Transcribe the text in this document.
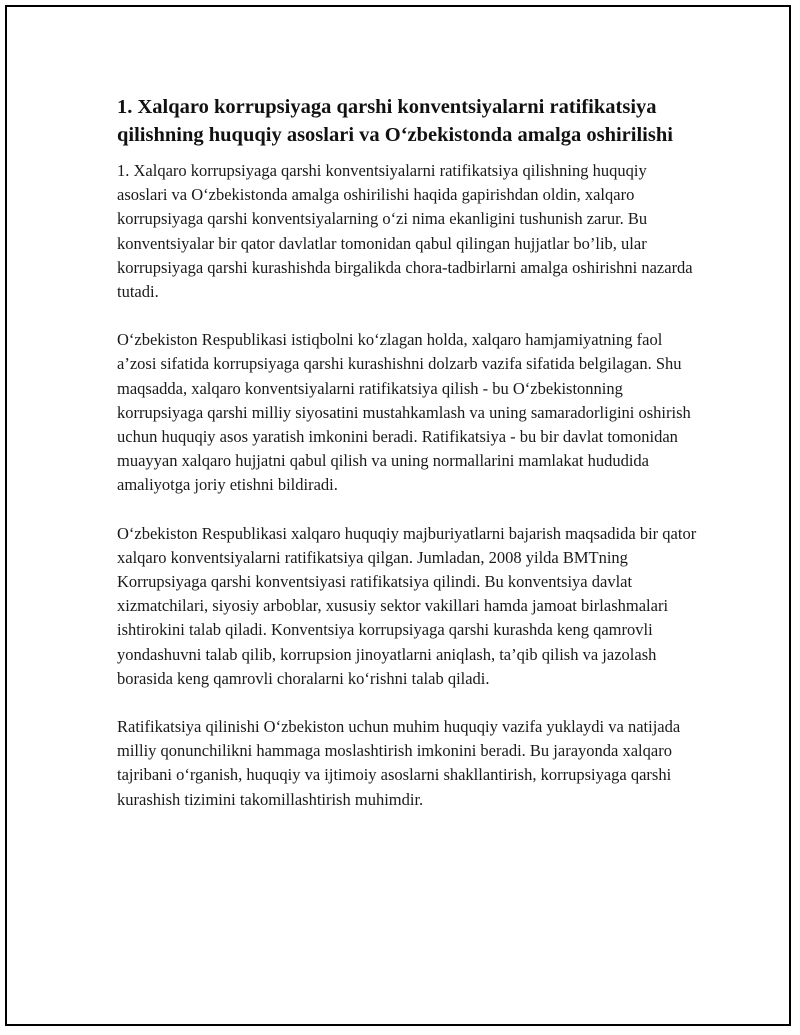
1. Xalqaro korrupsiyaga qarshi konventsiyalarni ratifikatsiya qilishning huquqiy asoslari va O‘zbekistonda amalga oshirilishi

1. Xalqaro korrupsiyaga qarshi konventsiyalarni ratifikatsiya qilishning huquqiy asoslari va O‘zbekistonda amalga oshirilishi haqida gapirishdan oldin, xalqaro korrupsiyaga qarshi konventsiyalarning o‘zi nima ekanligini tushunish zarur. Bu konventsiyalar bir qator davlatlar tomonidan qabul qilingan hujjatlar bo’lib, ular korrupsiyaga qarshi kurashishda birgalikda chora-tadbirlarni amalga oshirishni nazarda tutadi.

O‘zbekiston Respublikasi istiqbolni ko‘zlagan holda, xalqaro hamjamiyatning faol a’zosi sifatida korrupsiyaga qarshi kurashishni dolzarb vazifa sifatida belgilagan. Shu maqsadda, xalqaro konventsiyalarni ratifikatsiya qilish - bu O‘zbekistonning korrupsiyaga qarshi milliy siyosatini mustahkamlash va uning samaradorligini oshirish uchun huquqiy asos yaratish imkonini beradi. Ratifikatsiya - bu bir davlat tomonidan muayyan xalqaro hujjatni qabul qilish va uning normallarini mamlakat hududida amaliyotga joriy etishni bildiradi.

O‘zbekiston Respublikasi xalqaro huquqiy majburiyatlarni bajarish maqsadida bir qator xalqaro konventsiyalarni ratifikatsiya qilgan. Jumladan, 2008 yilda BMTning Korrupsiyaga qarshi konventsiyasi ratifikatsiya qilindi. Bu konventsiya davlat xizmatchilari, siyosiy arboblar, xususiy sektor vakillari hamda jamoat birlashmalari ishtirokini talab qiladi. Konventsiya korrupsiyaga qarshi kurashda keng qamrovli yondashuvni talab qilib, korrupsion jinoyatlarni aniqlash, ta’qib qilish va jazolash borasida keng qamrovli choralarni ko‘rishni talab qiladi.

Ratifikatsiya qilinishi O‘zbekiston uchun muhim huquqiy vazifa yuklaydi va natijada milliy qonunchilikni hammaga moslashtirish imkonini beradi. Bu jarayonda xalqaro tajribani o‘rganish, huquqiy va ijtimoiy asoslarni shakllantirish, korrupsiyaga qarshi kurashish tizimini takomillashtirish muhimdir.
